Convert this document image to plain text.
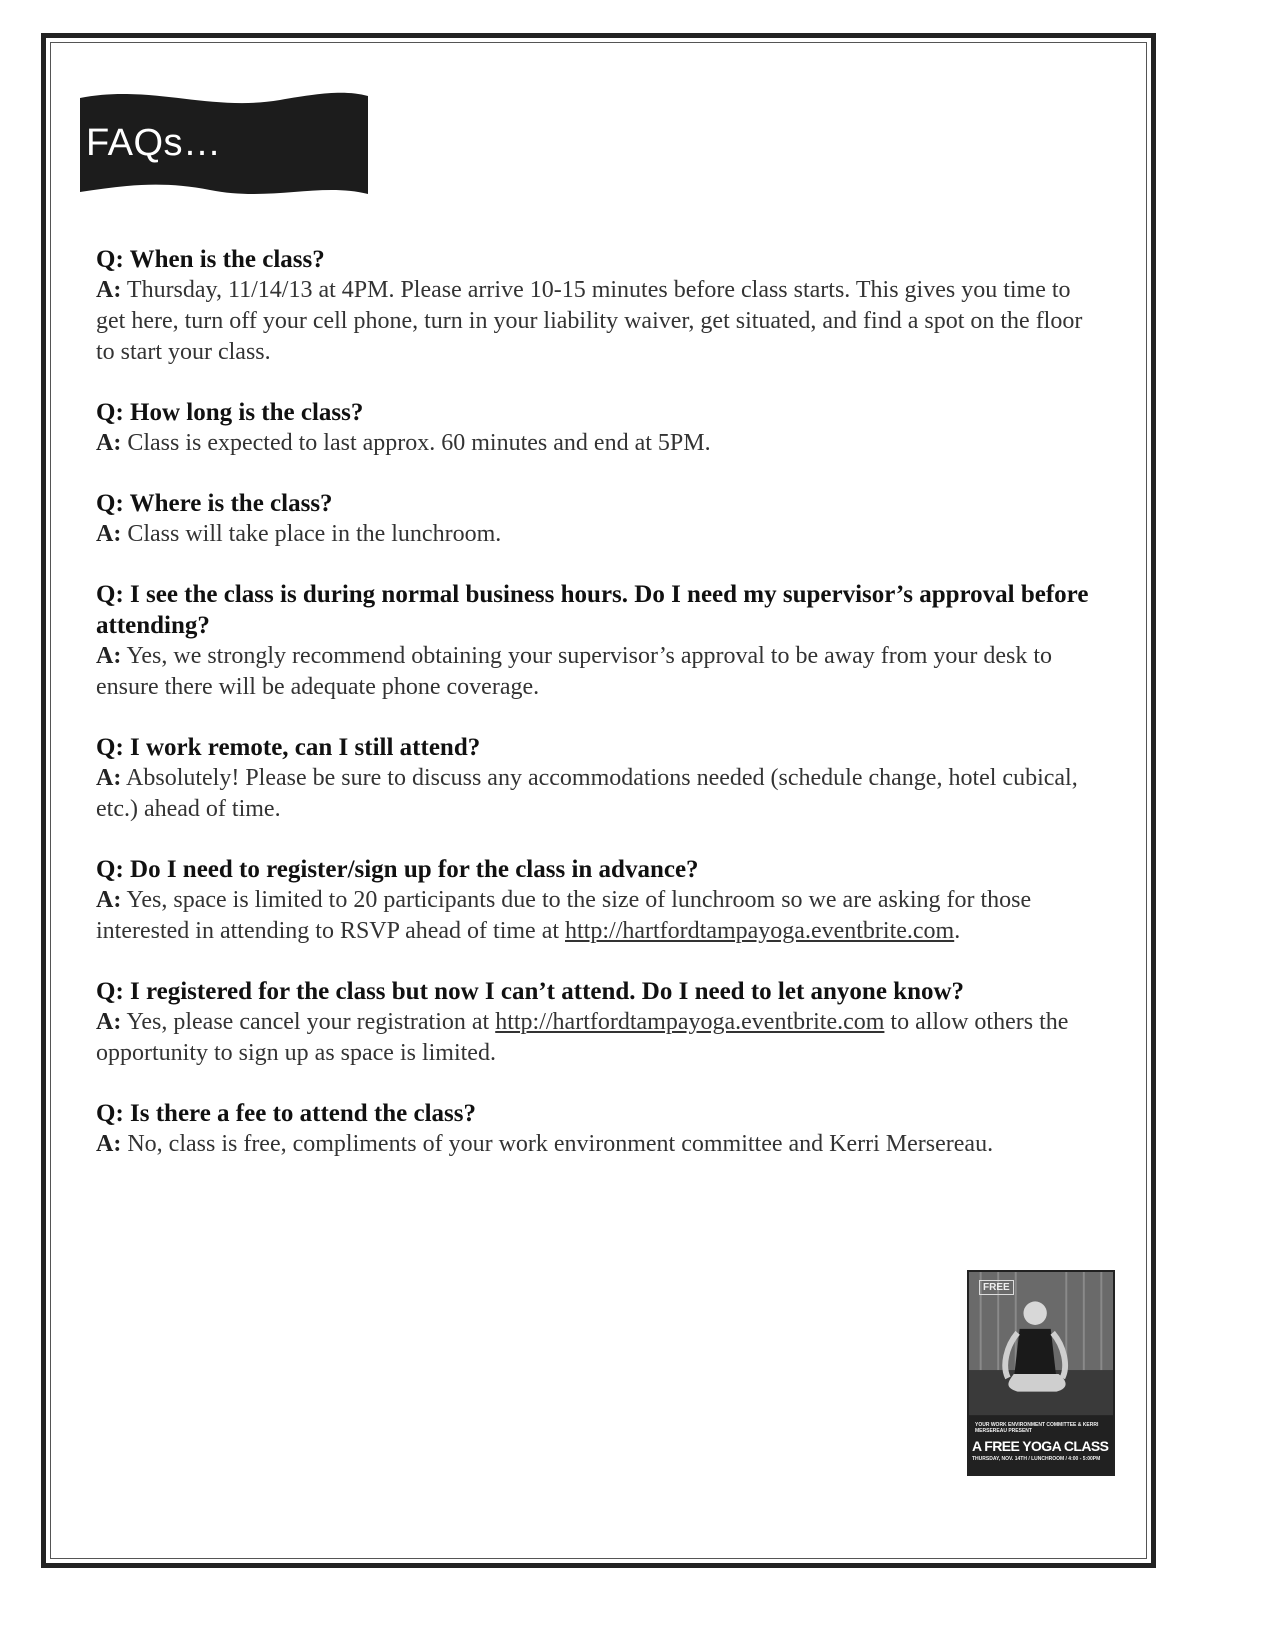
FAQs…
Q: When is the class?
A: Thursday, 11/14/13 at 4PM. Please arrive 10-15 minutes before class starts. This gives you time to get here, turn off your cell phone, turn in your liability waiver, get situated, and find a spot on the floor to start your class.
Q: How long is the class?
A: Class is expected to last approx. 60 minutes and end at 5PM.
Q: Where is the class?
A: Class will take place in the lunchroom.
Q: I see the class is during normal business hours. Do I need my supervisor’s approval before attending?
A: Yes, we strongly recommend obtaining your supervisor’s approval to be away from your desk to ensure there will be adequate phone coverage.
Q: I work remote, can I still attend?
A: Absolutely! Please be sure to discuss any accommodations needed (schedule change, hotel cubical, etc.) ahead of time.
Q: Do I need to register/sign up for the class in advance?
A: Yes, space is limited to 20 participants due to the size of lunchroom so we are asking for those interested in attending to RSVP ahead of time at http://hartfordtampayoga.eventbrite.com.
Q: I registered for the class but now I can’t attend. Do I need to let anyone know?
A: Yes, please cancel your registration at http://hartfordtampayoga.eventbrite.com to allow others the opportunity to sign up as space is limited.
Q: Is there a fee to attend the class?
A: No, class is free, compliments of your work environment committee and Kerri Mersereau.
FREE
YOUR WORK ENVIRONMENT COMMITTEE & KERRI MERSEREAU PRESENT
A FREE YOGA CLASS
THURSDAY, NOV. 14TH / LUNCHROOM / 4:00 - 5:00PM
